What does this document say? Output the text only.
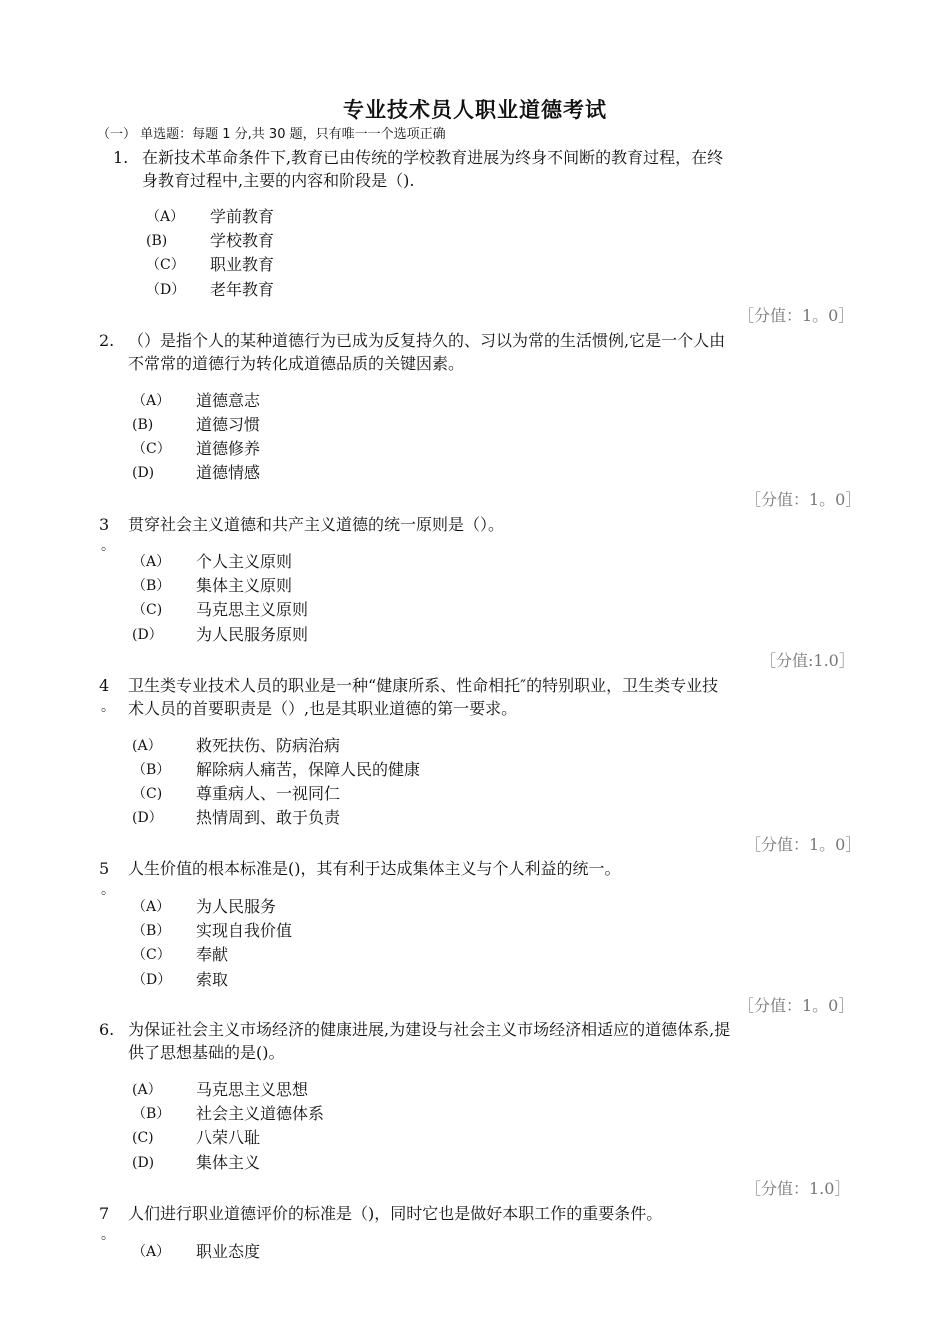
专业技术员人职业道德考试
（一） 单选题：每题 1 分,共 30 题，只有唯一一个选项正确
1. 在新技术革命条件下,教育已由传统的学校教育进展为终身不间断的教育过程，在终
身教育过程中,主要的内容和阶段是（).
（A） 学前教育
(B)	学校教育
（C） 职业教育
（D） 老年教育
［分值：1。0］
2. （）是指个人的某种道德行为已成为反复持久的、习以为常的生活惯例,它是一个人由
不常常的道德行为转化成道德品质的关键因素。
（A） 道德意志
(B)	道德习惯
（C） 道德修养
(D)	道德情感
［分值：1。0］
3
。
贯穿社会主义道德和共产主义道德的统一原则是（）。
（A） 个人主义原则
（B） 集体主义原则
（C) 马克思主义原则
(D） 为人民服务原则
［分值:1.0］
4
。
卫生类专业技术人员的职业是一种“健康所系、性命相托″的特别职业，卫生类专业技
术人员的首要职责是（）,也是其职业道德的第一要求。
(A） 救死扶伤、防病治病
（B） 解除病人痛苦，保障人民的健康
（C) 尊重病人、一视同仁
(D） 热情周到、敢于负责
［分值：1。0］
5
。
人生价值的根本标准是()，其有利于达成集体主义与个人利益的统一。
（A） 为人民服务
（B） 实现自我价值
（C） 奉献
（D） 索取
［分值：1。0］
6. 为保证社会主义市场经济的健康进展,为建设与社会主义市场经济相适应的道德体系,提
供了思想基础的是()。
(A） 马克思主义思想
（B） 社会主义道德体系
(C)	八荣八耻
(D)	集体主义
［分值：1.0］
7
。
人们进行职业道德评价的标准是（)，同时它也是做好本职工作的重要条件。
（A） 职业态度
